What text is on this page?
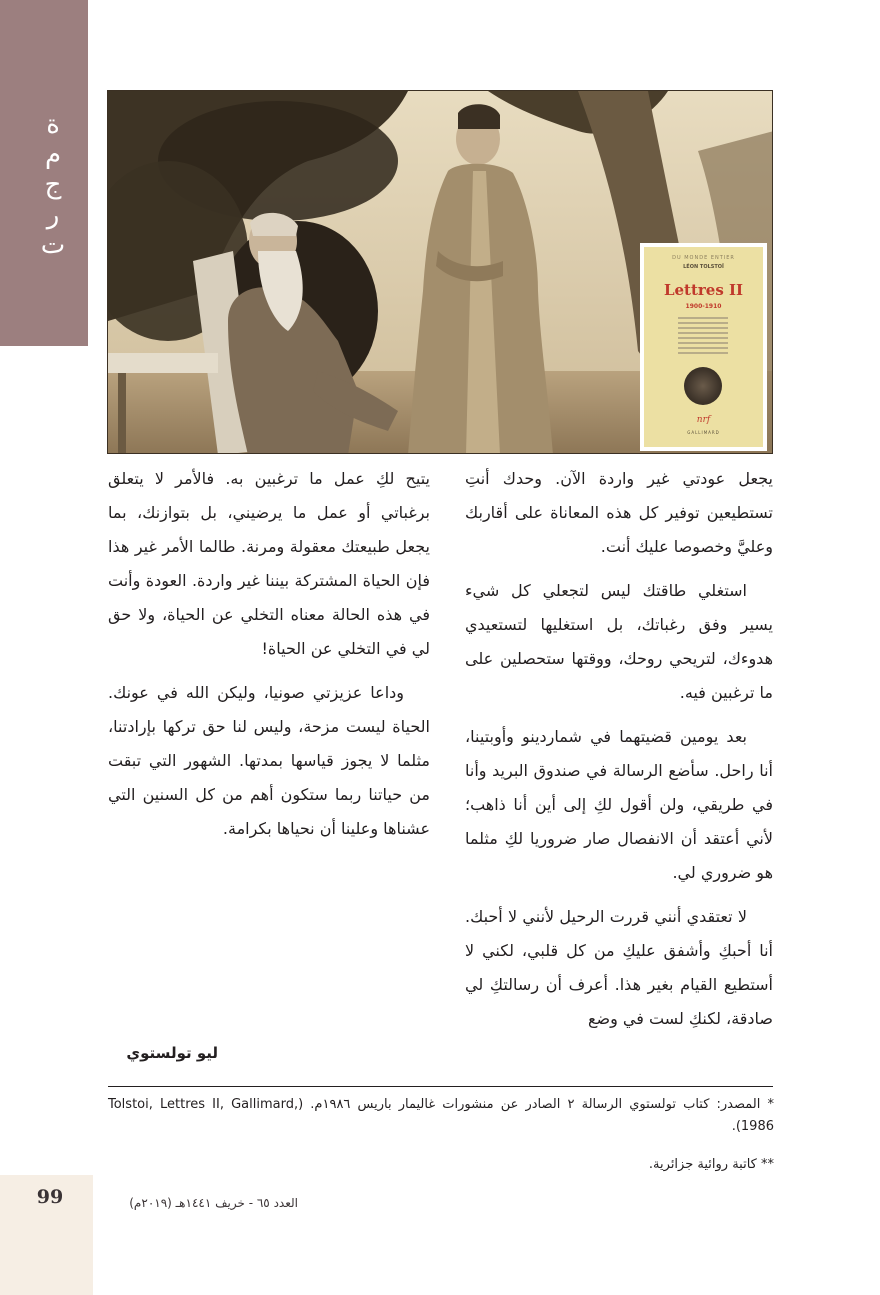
ترجمة	DU MONDE ENTIER
LÉON TOLSTOÏ
Lettres II
1900-1910
nrf
GALLIMARD

يجعل عودتي غير واردة الآن. وحدك أنتِ تستطيعين توفير كل هذه المعاناة على أقاربك وعليَّ وخصوصا عليك أنت.

استغلي طاقتك ليس لتجعلي كل شيء يسير وفق رغباتك، بل استغليها لتستعيدي هدوءك، لتريحي روحك، ووقتها ستحصلين على ما ترغبين فيه.

بعد يومين قضيتهما في شماردينو وأوبتينا، أنا راحل. سأضع الرسالة في صندوق البريد وأنا في طريقي، ولن أقول لكِ إلى أين أنا ذاهب؛ لأني أعتقد أن الانفصال صار ضروريا لكِ مثلما هو ضروري لي.

لا تعتقدي أنني قررت الرحيل لأنني لا أحبك. أنا أحبكِ وأشفق عليكِ من كل قلبي، لكني لا أستطيع القيام بغير هذا. أعرف أن رسالتكِ لي صادقة، لكنكِ لست في وضع

يتيح لكِ عمل ما ترغبين به. فالأمر لا يتعلق برغباتي أو عمل ما يرضيني، بل بتوازنك، بما يجعل طبيعتك معقولة ومرنة. طالما الأمر غير هذا فإن الحياة المشتركة بيننا غير واردة. العودة وأنت في هذه الحالة معناه التخلي عن الحياة، ولا حق لي في التخلي عن الحياة!

وداعا عزيزتي صونيا، وليكن الله في عونك. الحياة ليست مزحة، وليس لنا حق تركها بإرادتنا، مثلما لا يجوز قياسها بمدتها. الشهور التي تبقت من حياتنا ربما ستكون أهم من كل السنين التي عشناها وعلينا أن نحياها بكرامة.

ليو تولستوي
* المصدر: كتاب تولستوي الرسالة ٢ الصادر عن منشورات غاليمار باريس ١٩٨٦م. (Tolstoi, Lettres II, Gallimard, 1986).
** كاتبة روائية جزائرية.
99	العدد ٦٥ - خريف ١٤٤١هـ (٢٠١٩م)
